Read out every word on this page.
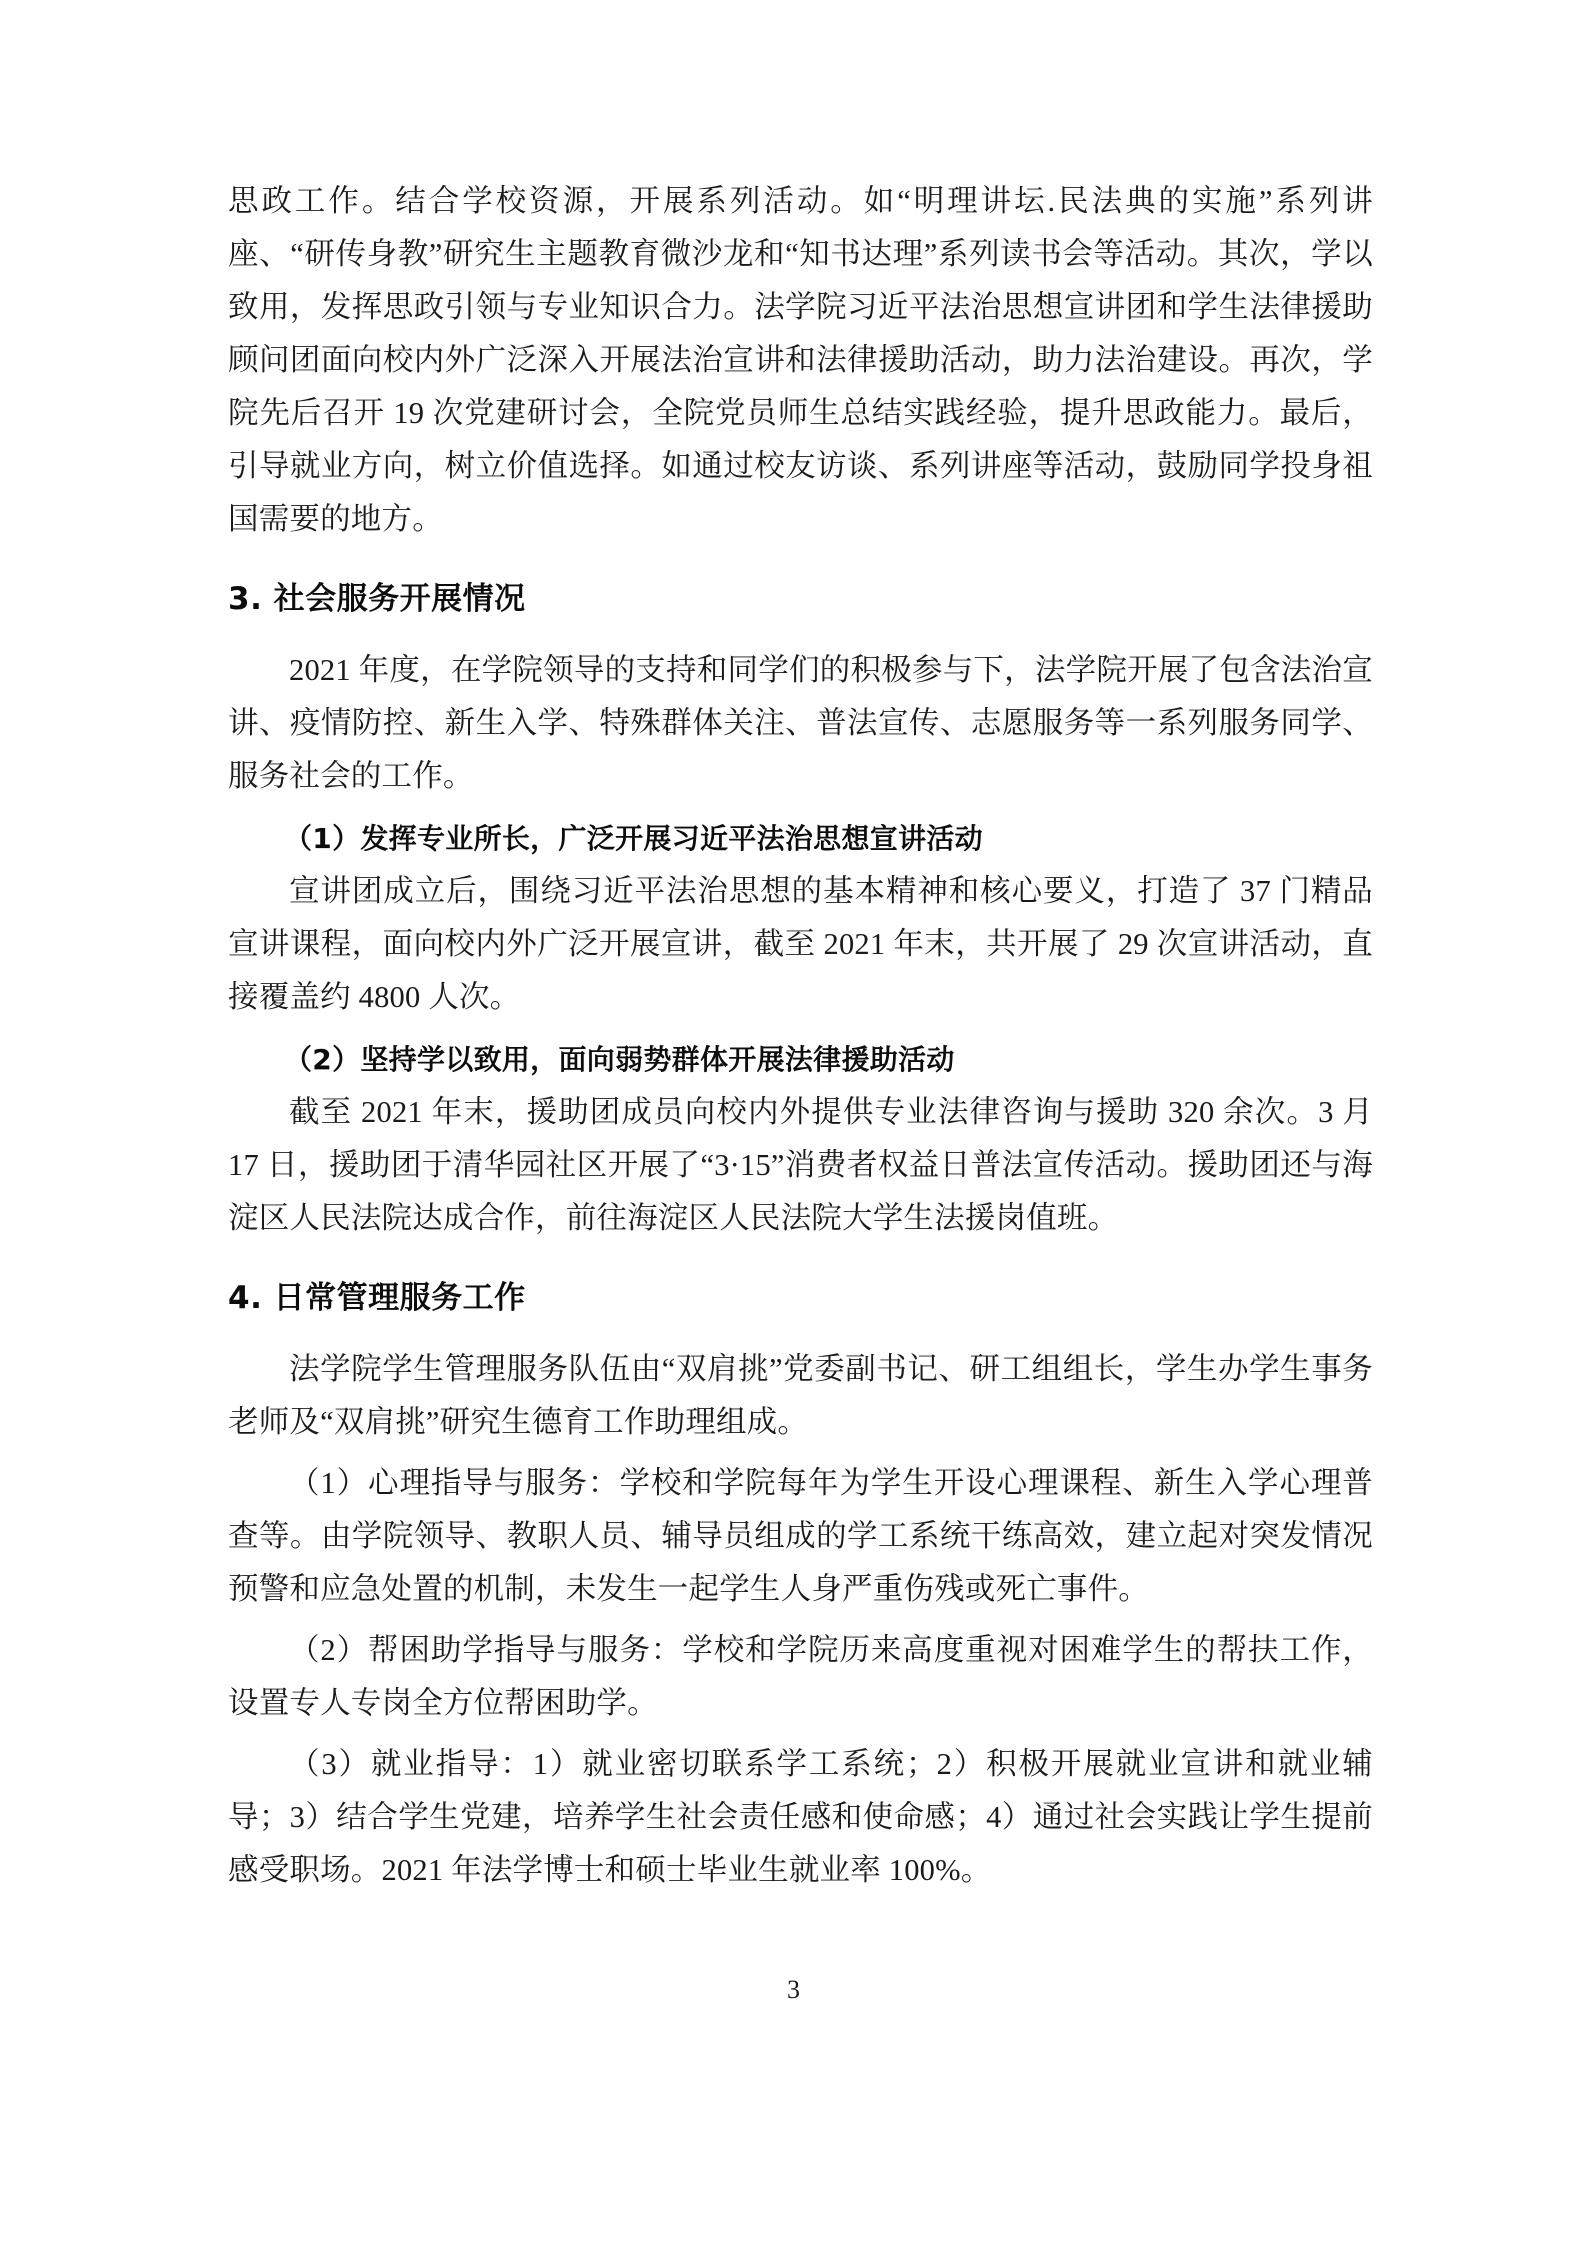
思政工作。结合学校资源，开展系列活动。如“明理讲坛.民法典的实施”系列讲座、“研传身教”研究生主题教育微沙龙和“知书达理”系列读书会等活动。其次，学以致用，发挥思政引领与专业知识合力。法学院习近平法治思想宣讲团和学生法律援助顾问团面向校内外广泛深入开展法治宣讲和法律援助活动，助力法治建设。再次，学院先后召开 19 次党建研讨会，全院党员师生总结实践经验，提升思政能力。最后，引导就业方向，树立价值选择。如通过校友访谈、系列讲座等活动，鼓励同学投身祖国需要的地方。

3. 社会服务开展情况

2021 年度，在学院领导的支持和同学们的积极参与下，法学院开展了包含法治宣讲、疫情防控、新生入学、特殊群体关注、普法宣传、志愿服务等一系列服务同学、服务社会的工作。

（1）发挥专业所长，广泛开展习近平法治思想宣讲活动

宣讲团成立后，围绕习近平法治思想的基本精神和核心要义，打造了 37 门精品宣讲课程，面向校内外广泛开展宣讲，截至 2021 年末，共开展了 29 次宣讲活动，直接覆盖约 4800 人次。

（2）坚持学以致用，面向弱势群体开展法律援助活动

截至 2021 年末，援助团成员向校内外提供专业法律咨询与援助 320 余次。3 月 17 日，援助团于清华园社区开展了“3·15”消费者权益日普法宣传活动。援助团还与海淀区人民法院达成合作，前往海淀区人民法院大学生法援岗值班。

4. 日常管理服务工作

法学院学生管理服务队伍由“双肩挑”党委副书记、研工组组长，学生办学生事务老师及“双肩挑”研究生德育工作助理组成。

（1）心理指导与服务：学校和学院每年为学生开设心理课程、新生入学心理普查等。由学院领导、教职人员、辅导员组成的学工系统干练高效，建立起对突发情况预警和应急处置的机制，未发生一起学生人身严重伤残或死亡事件。

（2）帮困助学指导与服务：学校和学院历来高度重视对困难学生的帮扶工作，设置专人专岗全方位帮困助学。

（3）就业指导：1）就业密切联系学工系统；2）积极开展就业宣讲和就业辅导；3）结合学生党建，培养学生社会责任感和使命感；4）通过社会实践让学生提前感受职场。2021 年法学博士和硕士毕业生就业率 100%。

3
